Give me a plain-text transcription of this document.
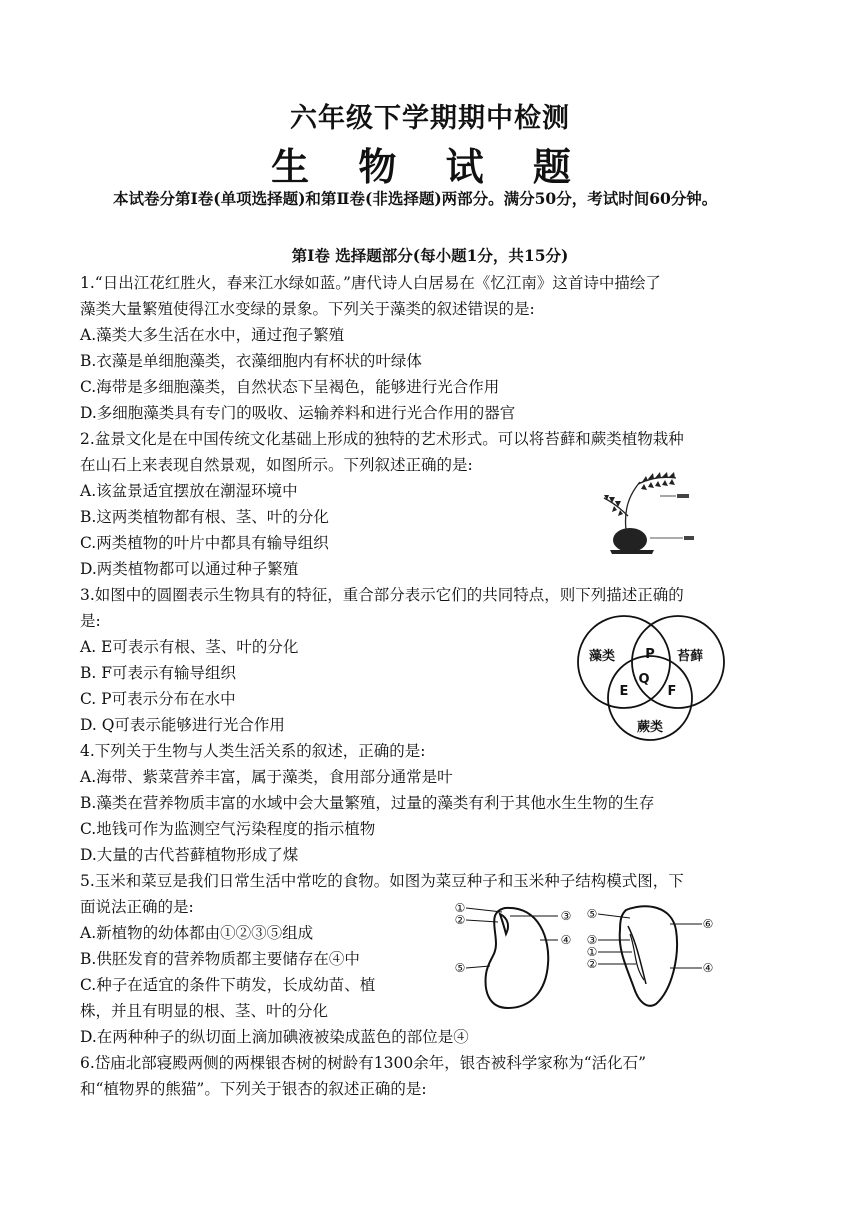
六年级下学期期中检测
生 物 试 题
本试卷分第Ⅰ卷(单项选择题)和第Ⅱ卷(非选择题)两部分。满分50分，考试时间60分钟。
第Ⅰ卷 选择题部分(每小题1分，共15分)
1.“日出江花红胜火，春来江水绿如蓝。”唐代诗人白居易在《忆江南》这首诗中描绘了
藻类大量繁殖使得江水变绿的景象。下列关于藻类的叙述错误的是:
A.藻类大多生活在水中，通过孢子繁殖
B.衣藻是单细胞藻类，衣藻细胞内有杯状的叶绿体
C.海带是多细胞藻类，自然状态下呈褐色，能够进行光合作用
D.多细胞藻类具有专门的吸收、运输养料和进行光合作用的器官
2.盆景文化是在中国传统文化基础上形成的独特的艺术形式。可以将苔藓和蕨类植物栽种
在山石上来表现自然景观，如图所示。下列叙述正确的是:
A.该盆景适宜摆放在潮湿环境中
B.这两类植物都有根、茎、叶的分化
C.两类植物的叶片中都具有输导组织
D.两类植物都可以通过种子繁殖
3.如图中的圆圈表示生物具有的特征，重合部分表示它们的共同特点，则下列描述正确的
是:
A. E可表示有根、茎、叶的分化
B. F可表示有输导组织
C. P可表示分布在水中
D. Q可表示能够进行光合作用
藻类	苔藓
蕨类
P
Q
E	F
4.下列关于生物与人类生活关系的叙述，正确的是:
A.海带、紫菜营养丰富，属于藻类，食用部分通常是叶
B.藻类在营养物质丰富的水域中会大量繁殖，过量的藻类有利于其他水生生物的生存
C.地钱可作为监测空气污染程度的指示植物
D.大量的古代苔藓植物形成了煤
5.玉米和菜豆是我们日常生活中常吃的食物。如图为菜豆种子和玉米种子结构模式图，下
面说法正确的是:
A.新植物的幼体都由①②③⑤组成
B.供胚发育的营养物质都主要储存在④中
C.种子在适宜的条件下萌发，长成幼苗、植
株，并且有明显的根、茎、叶的分化
D.在两种种子的纵切面上滴加碘液被染成蓝色的部位是④
①
②	③
④
⑤
⑤
⑥
③
①
②	④
6.岱庙北部寝殿两侧的两棵银杏树的树龄有1300余年，银杏被科学家称为“活化石”
和“植物界的熊猫”。下列关于银杏的叙述正确的是:
